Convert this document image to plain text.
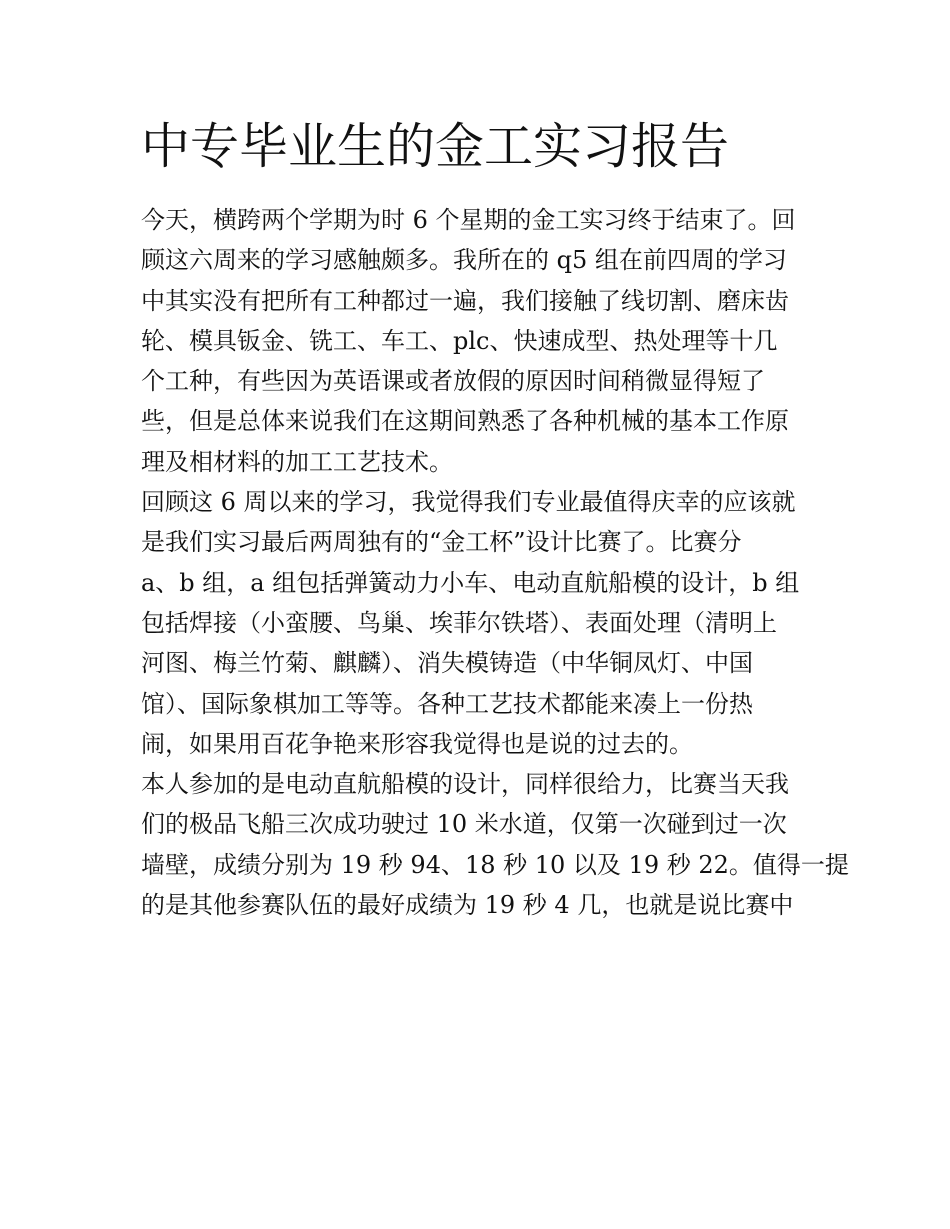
中专毕业生的金工实习报告
今天，横跨两个学期为时 6 个星期的金工实习终于结束了。回
顾这六周来的学习感触颇多。我所在的 q5 组在前四周的学习
中其实没有把所有工种都过一遍，我们接触了线切割、磨床齿
轮、模具钣金、铣工、车工、plc、快速成型、热处理等十几
个工种，有些因为英语课或者放假的原因时间稍微显得短了
些，但是总体来说我们在这期间熟悉了各种机械的基本工作原
理及相材料的加工工艺技术。
回顾这 6 周以来的学习，我觉得我们专业最值得庆幸的应该就
是我们实习最后两周独有的“金工杯”设计比赛了。比赛分
a、b 组，a 组包括弹簧动力小车、电动直航船模的设计，b 组
包括焊接（小蛮腰、鸟巢、埃菲尔铁塔）、表面处理（清明上
河图、梅兰竹菊、麒麟）、消失模铸造（中华铜凤灯、中国
馆）、国际象棋加工等等。各种工艺技术都能来凑上一份热
闹，如果用百花争艳来形容我觉得也是说的过去的。
本人参加的是电动直航船模的设计，同样很给力，比赛当天我
们的极品飞船三次成功驶过 10 米水道，仅第一次碰到过一次
墙壁，成绩分别为 19 秒 94、18 秒 10 以及 19 秒 22。值得一提
的是其他参赛队伍的最好成绩为 19 秒 4 几，也就是说比赛中
